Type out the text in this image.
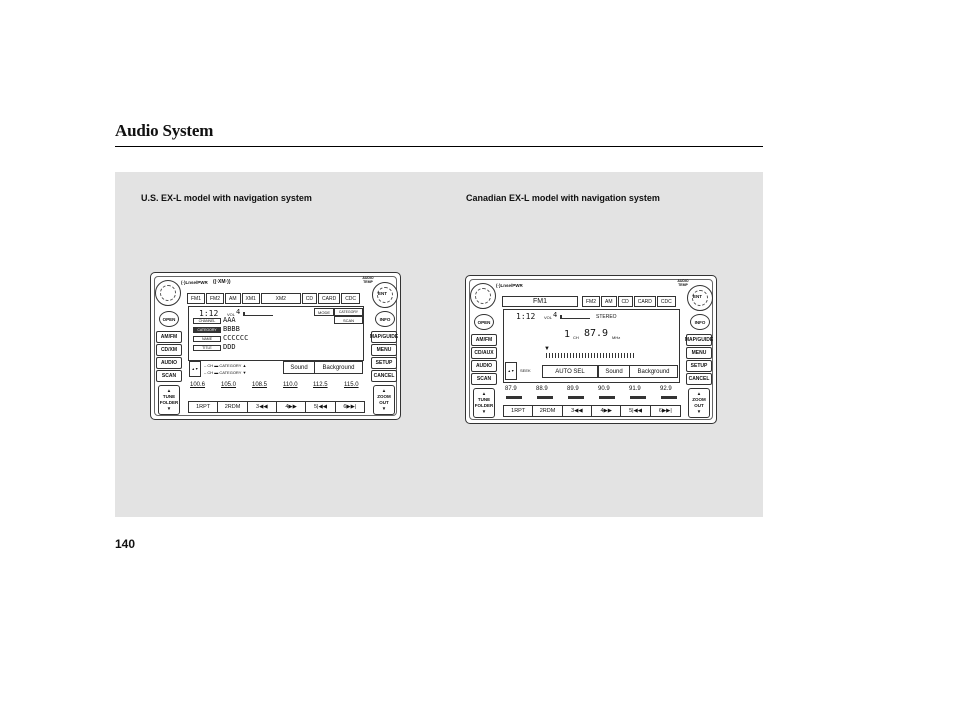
Audio System
U.S. EX-L model with navigation system	Canadian EX-L model with navigation system
140
(·)Lnse/PWR ((·XM·))
AUDIO TEMP
ENT
FM1	FM2	AM	XM1	XM2	CD	CARD	CDC
OPEN
AM/FM
CD/XM
AUDIO
SCAN
▲
TUNE FOLDER
▼
INFO
MAP/GUIDE
MENU
SETUP
CANCEL
▲
ZOOM OUT
▼
1:12 VOL 4	MODE	CATEGORY
SCAN
CHANNEL
CATEGORY
NAME
TITLE
AAA
BBBB
CCCCCC
DDD
▲▼
– CH ▬ CATEGORY ▲
– CH ▬ CATEGORY ▼
Sound	Background
100.6	105.0	108.5	110.0	112.5	115.0
1RPT	2RDM	3◀◀	4▶▶	5|◀◀	6▶▶|
(·)Lnse/PWR
AUDIO TEMP
ENT
FM1	FM2	AM	CD	CARD	CDC
OPEN
AM/FM
CD/AUX
AUDIO
SCAN
▲
TUNE FOLDER
▼
INFO
MAP/GUIDE
MENU
SETUP
CANCEL
▲
ZOOM OUT
▼
1:12 VOL 4	STEREO
1 CH 87.9 MHz
▼
▲▼	SEEK	AUTO SEL	Sound	Background
87.9	88.9	89.9	90.9	91.9	92.9
1RPT	2RDM	3◀◀	4▶▶	5|◀◀	6▶▶|
